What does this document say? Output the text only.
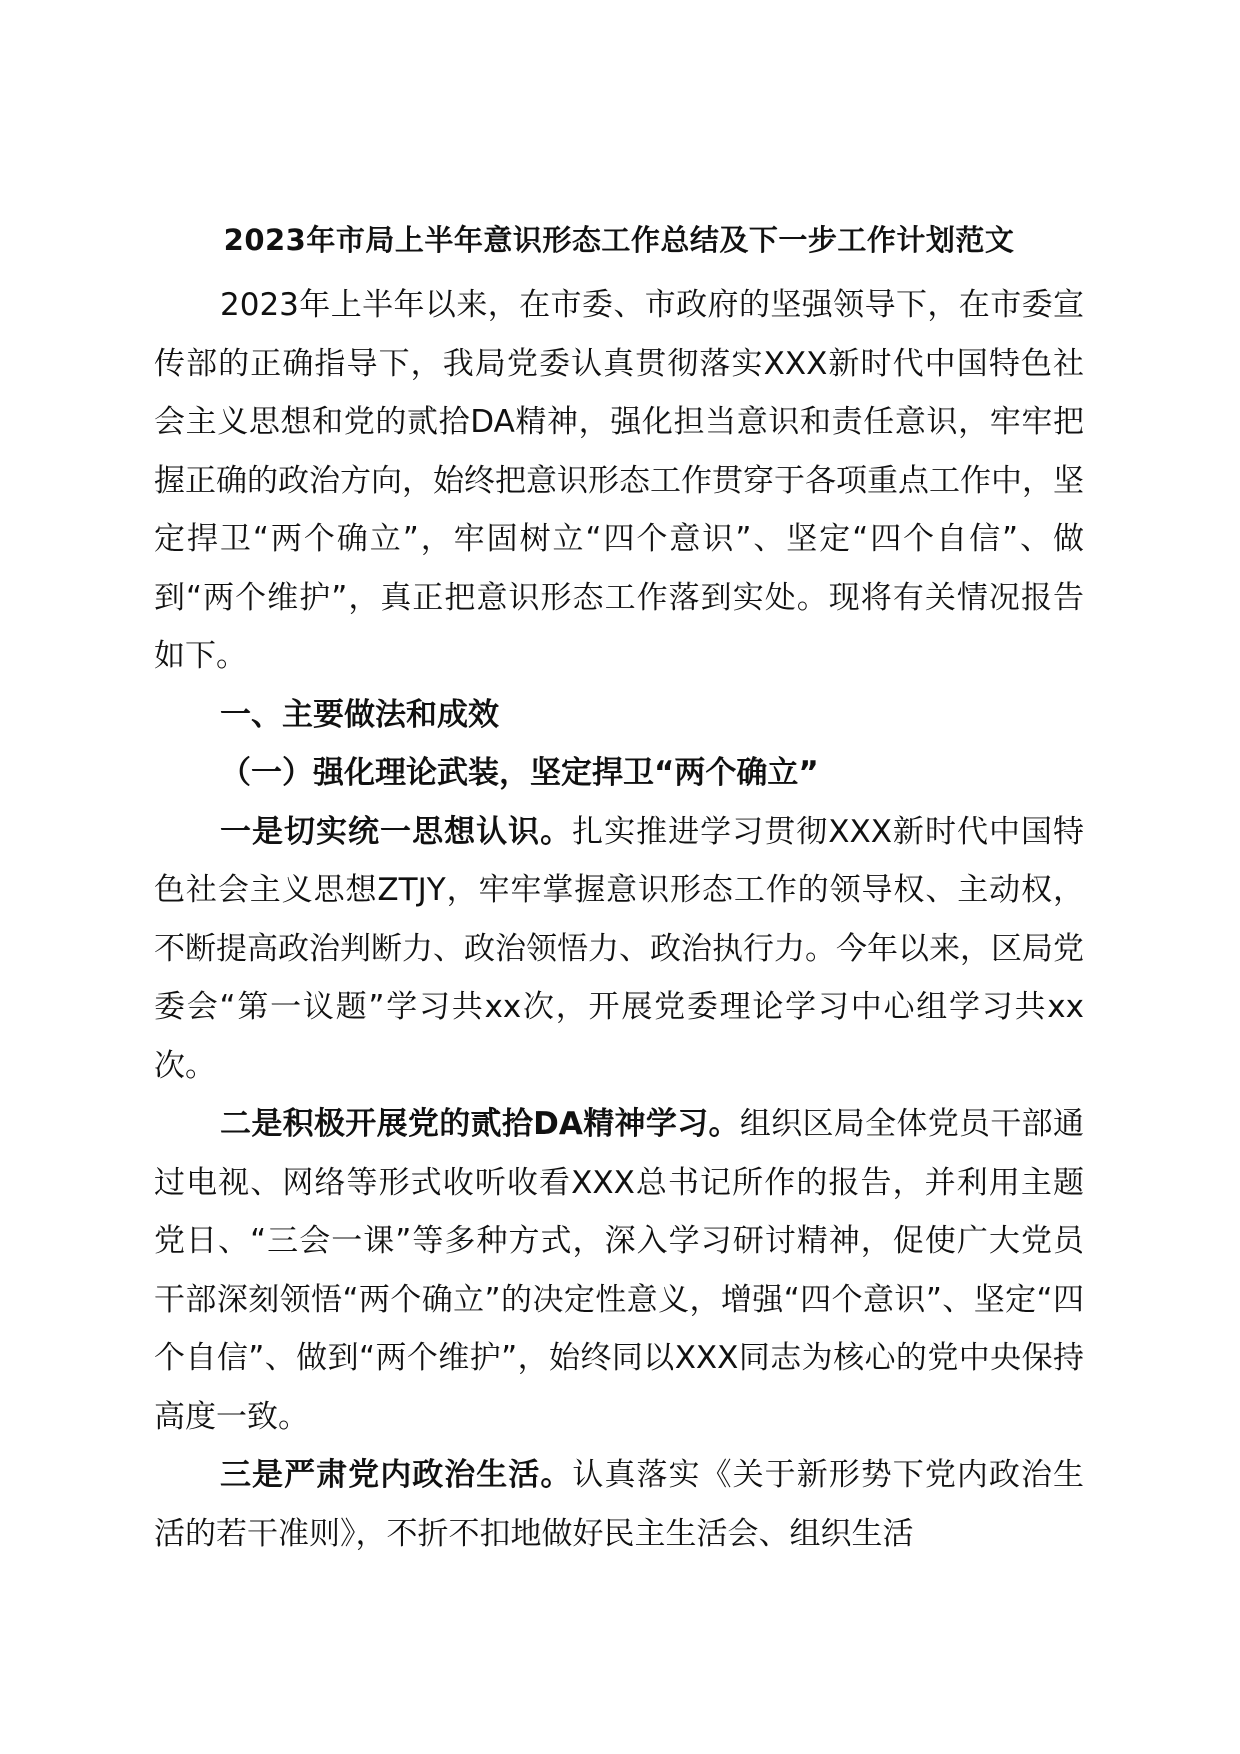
2023年市局上半年意识形态工作总结及下一步工作计划范文

2023年上半年以来，在市委、市政府的坚强领导下，在市委宣传部的正确指导下，我局党委认真贯彻落实XXX新时代中国特色社会主义思想和党的贰拾DA精神，强化担当意识和责任意识，牢牢把握正确的政治方向，始终把意识形态工作贯穿于各项重点工作中，坚定捍卫“两个确立”，牢固树立“四个意识”、坚定“四个自信”、做到“两个维护”，真正把意识形态工作落到实处。现将有关情况报告如下。

一、主要做法和成效

（一）强化理论武装，坚定捍卫“两个确立”

一是切实统一思想认识。扎实推进学习贯彻XXX新时代中国特色社会主义思想ZTJY，牢牢掌握意识形态工作的领导权、主动权，不断提高政治判断力、政治领悟力、政治执行力。今年以来，区局党委会“第一议题”学习共xx次，开展党委理论学习中心组学习共xx次。

二是积极开展党的贰拾DA精神学习。组织区局全体党员干部通过电视、网络等形式收听收看XXX总书记所作的报告，并利用主题党日、“三会一课”等多种方式，深入学习研讨精神，促使广大党员干部深刻领悟“两个确立”的决定性意义，增强“四个意识”、坚定“四个自信”、做到“两个维护”，始终同以XXX同志为核心的党中央保持高度一致。

三是严肃党内政治生活。认真落实《关于新形势下党内政治生活的若干准则》，不折不扣地做好民主生活会、组织生活
